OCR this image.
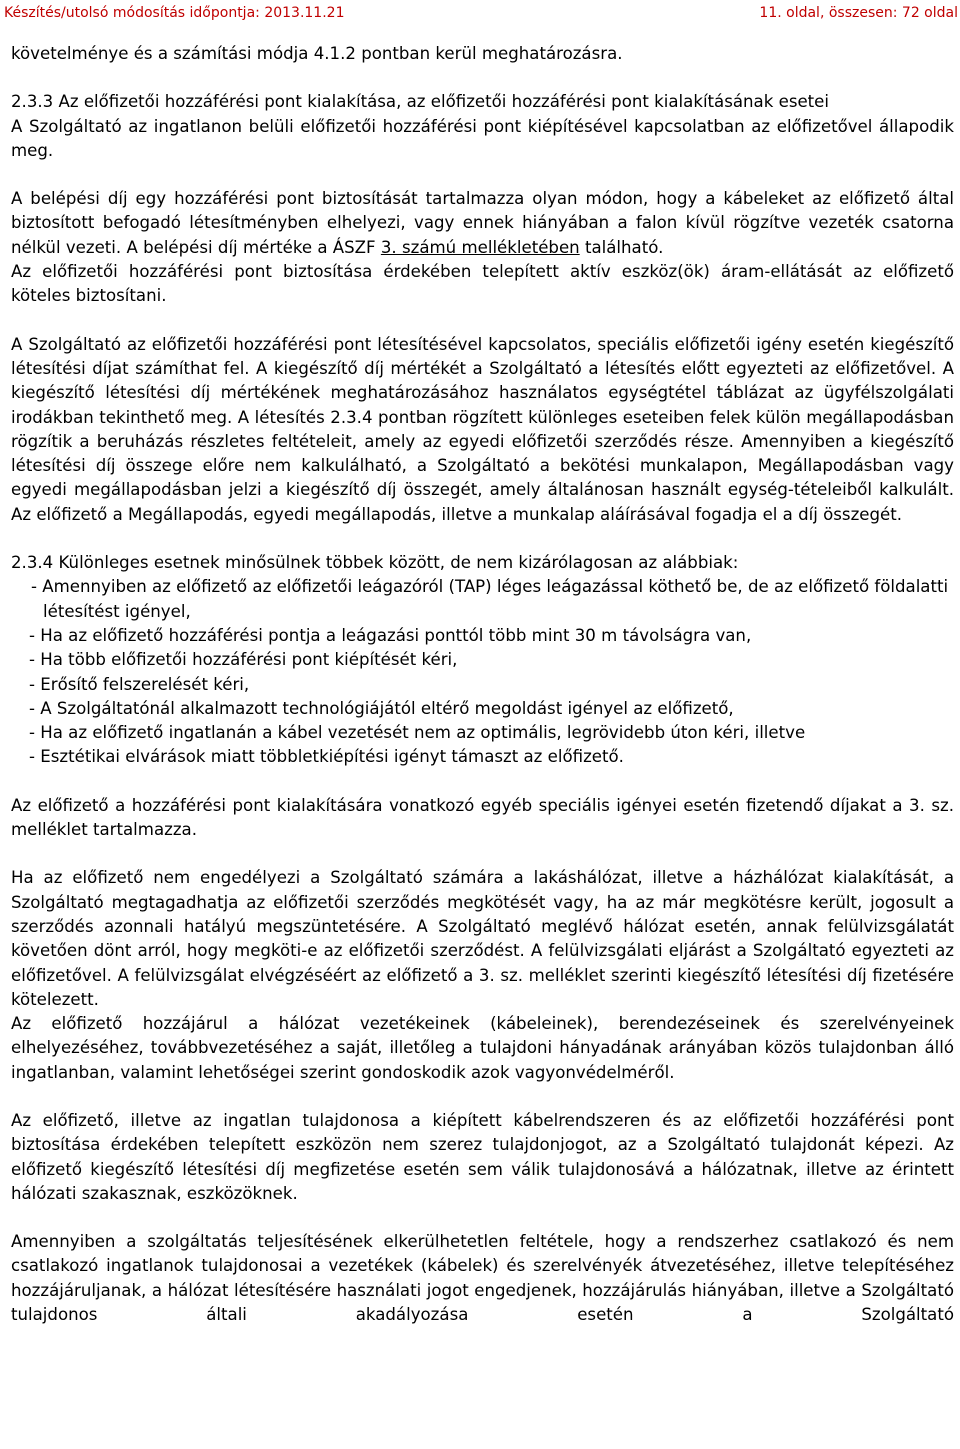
Készítés/utolsó módosítás időpontja: 2013.11.21	11. oldal, összesen: 72 oldal

követelménye és a számítási módja 4.1.2 pontban kerül meghatározásra.

2.3.3 Az előfizetői hozzáférési pont kialakítása, az előfizetői hozzáférési pont kialakításának esetei

A Szolgáltató az ingatlanon belüli előfizetői hozzáférési pont kiépítésével kapcsolatban az előfizetővel állapodik meg.

A belépési díj egy hozzáférési pont biztosítását tartalmazza olyan módon, hogy a kábeleket az előfizető által biztosított befogadó létesítményben elhelyezi, vagy ennek hiányában a falon kívül rögzítve vezeték csatorna nélkül vezeti. A belépési díj mértéke a ÁSZF 3. számú mellékletében található.

Az előfizetői hozzáférési pont biztosítása érdekében telepített aktív eszköz(ök) áram-ellátását az előfizető köteles biztosítani.

A Szolgáltató az előfizetői hozzáférési pont létesítésével kapcsolatos, speciális előfizetői igény esetén kiegészítő létesítési díjat számíthat fel. A kiegészítő díj mértékét a Szolgáltató a létesítés előtt egyezteti az előfizetővel. A kiegészítő létesítési díj mértékének meghatározásához használatos egységtétel táblázat az ügyfélszolgálati irodákban tekinthető meg. A létesítés 2.3.4 pontban rögzített különleges eseteiben felek külön megállapodásban rögzítik a beruházás részletes feltételeit, amely az egyedi előfizetői szerződés része. Amennyiben a kiegészítő létesítési díj összege előre nem kalkulálható, a Szolgáltató a bekötési munkalapon, Megállapodásban vagy egyedi megállapodásban jelzi a kiegészítő díj összegét, amely általánosan használt egység-tételeiből kalkulált. Az előfizető a Megállapodás, egyedi megállapodás, illetve a munkalap aláírásával fogadja el a díj összegét.

2.3.4 Különleges esetnek minősülnek többek között, de nem kizárólagosan az alábbiak:

- Amennyiben az előfizető az előfizetői leágazóról (TAP) léges leágazással köthető be, de az előfizető földalatti létesítést igényel,

- Ha az előfizető hozzáférési pontja a leágazási ponttól több mint 30 m távolságra van,

- Ha több előfizetői hozzáférési pont kiépítését kéri,

- Erősítő felszerelését kéri,

- A Szolgáltatónál alkalmazott technológiájától eltérő megoldást igényel az előfizető,

- Ha az előfizető ingatlanán a kábel vezetését nem az optimális, legrövidebb úton kéri, illetve

- Esztétikai elvárások miatt többletkiépítési igényt támaszt az előfizető.

Az előfizető a hozzáférési pont kialakítására vonatkozó egyéb speciális igényei esetén fizetendő díjakat a 3. sz. melléklet tartalmazza.

Ha az előfizető nem engedélyezi a Szolgáltató számára a lakáshálózat, illetve a házhálózat kialakítását, a Szolgáltató megtagadhatja az előfizetői szerződés megkötését vagy, ha az már megkötésre került, jogosult a szerződés azonnali hatályú megszüntetésére. A Szolgáltató meglévő hálózat esetén, annak felülvizsgálatát követően dönt arról, hogy megköti-e az előfizetői szerződést. A felülvizsgálati eljárást a Szolgáltató egyezteti az előfizetővel. A felülvizsgálat elvégzéséért az előfizető a 3. sz. melléklet szerinti kiegészítő létesítési díj fizetésére kötelezett.

Az előfizető hozzájárul a hálózat vezetékeinek (kábeleinek), berendezéseinek és szerelvényeinek elhelyezéséhez, továbbvezetéséhez a saját, illetőleg a tulajdoni hányadának arányában közös tulajdonban álló ingatlanban, valamint lehetőségei szerint gondoskodik azok vagyonvédelméről.

Az előfizető, illetve az ingatlan tulajdonosa a kiépített kábelrendszeren és az előfizetői hozzáférési pont biztosítása érdekében telepített eszközön nem szerez tulajdonjogot, az a Szolgáltató tulajdonát képezi. Az előfizető kiegészítő létesítési díj megfizetése esetén sem válik tulajdonosává a hálózatnak, illetve az érintett hálózati szakasznak, eszközöknek.

Amennyiben a szolgáltatás teljesítésének elkerülhetetlen feltétele, hogy a rendszerhez csatlakozó és nem csatlakozó ingatlanok tulajdonosai a vezetékek (kábelek) és szerelvényék átvezetéséhez, illetve telepítéséhez hozzájáruljanak, a hálózat létesítésére használati jogot engedjenek, hozzájárulás hiányában, illetve a Szolgáltató tulajdonos általi akadályozása esetén a Szolgáltató
